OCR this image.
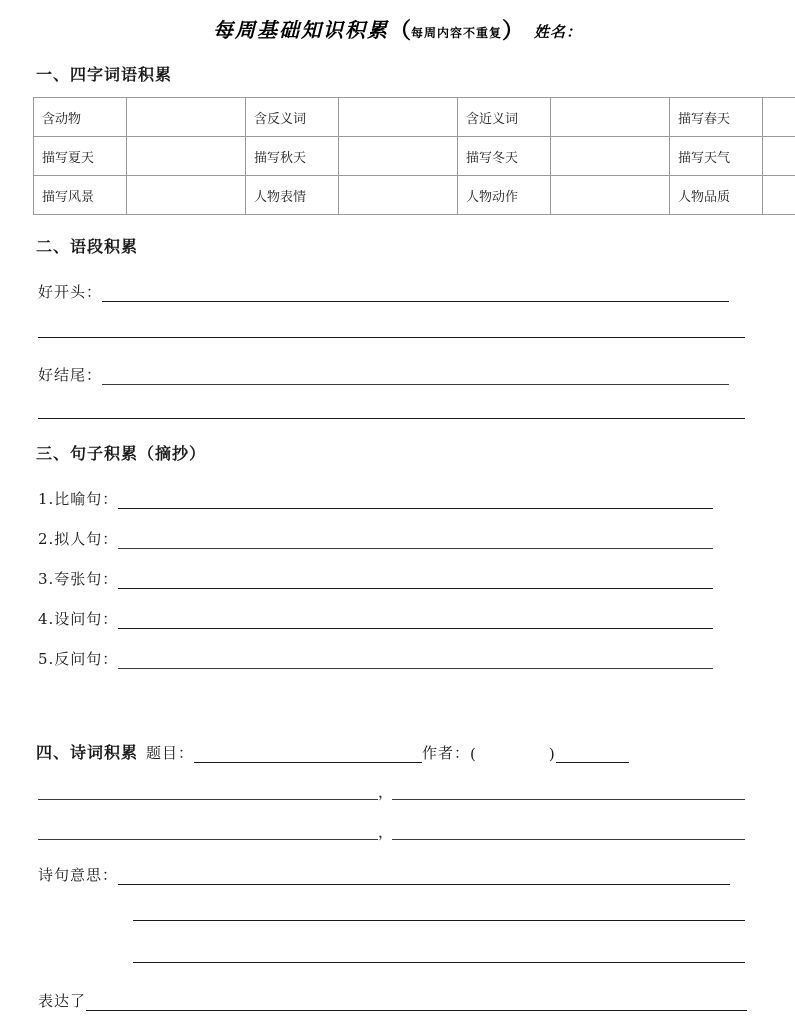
每周基础知识积累（每周内容不重复） 姓名：
一、四字词语积累
含动物		含反义词		含近义词		描写春天	
描写夏天		描写秋天		描写冬天		描写天气	
描写风景		人物表情		人物动作		人物品质	
二、语段积累
好开头：
好结尾：
三、句子积累（摘抄）
1.比喻句：
2.拟人句：
3.夸张句：
4.设问句：
5.反问句：
四、诗词积累 题目：	作者：(	)
，
，
诗句意思：
表达了
